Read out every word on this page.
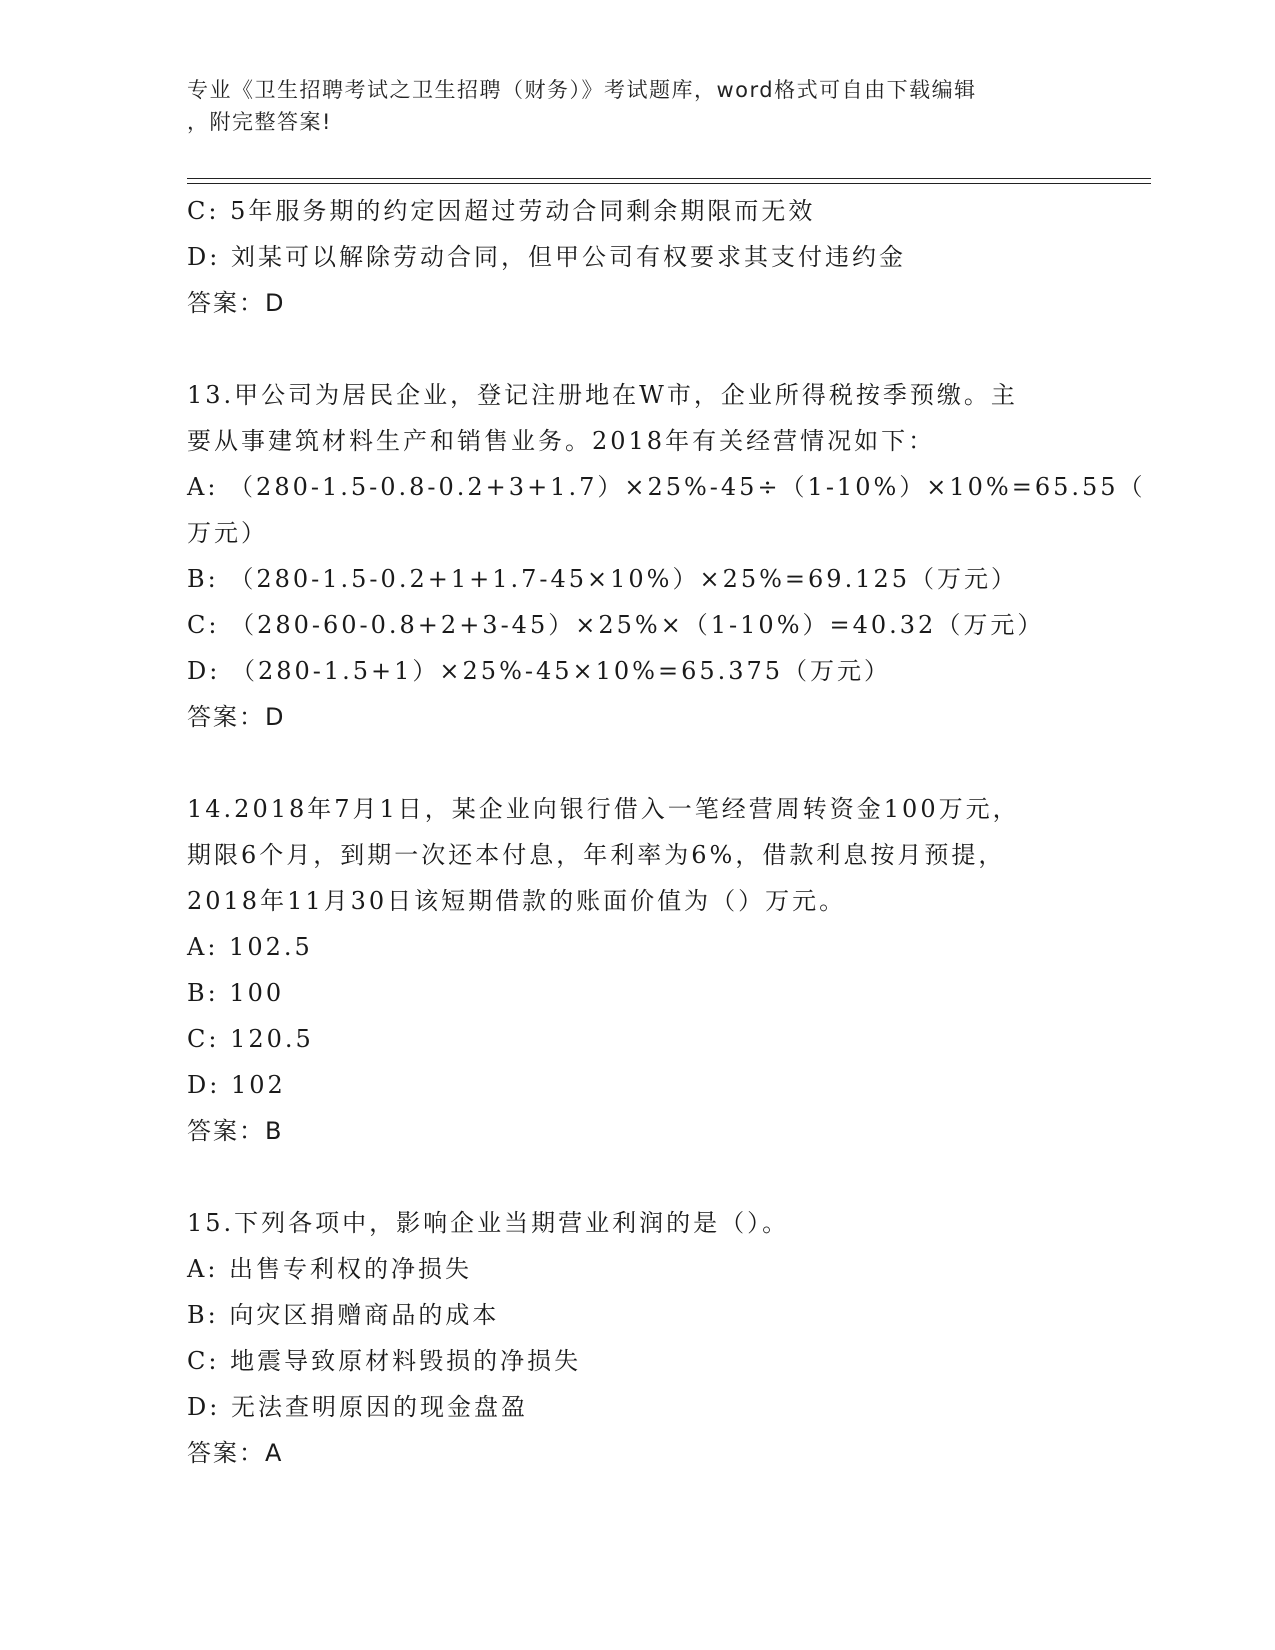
专业《卫生招聘考试之卫生招聘（财务）》考试题库，word格式可自由下载编辑
，附完整答案!
C: 5年服务期的约定因超过劳动合同剩余期限而无效
D: 刘某可以解除劳动合同，但甲公司有权要求其支付违约金
答案：D
13.甲公司为居民企业，登记注册地在W市，企业所得税按季预缴。主
要从事建筑材料生产和销售业务。2018年有关经营情况如下：
A: （280-1.5-0.8-0.2+3+1.7）×25%-45÷（1-10%）×10%=65.55（
万元）
B: （280-1.5-0.2+1+1.7-45×10%）×25%=69.125（万元）
C: （280-60-0.8+2+3-45）×25%×（1-10%）=40.32（万元）
D: （280-1.5+1）×25%-45×10%=65.375（万元）
答案：D
14.2018年7月1日，某企业向银行借入一笔经营周转资金100万元，
期限6个月，到期一次还本付息，年利率为6%，借款利息按月预提，
2018年11月30日该短期借款的账面价值为（）万元。
A: 102.5
B: 100
C: 120.5
D: 102
答案：B
15.下列各项中，影响企业当期营业利润的是（）。
A: 出售专利权的净损失
B: 向灾区捐赠商品的成本
C: 地震导致原材料毁损的净损失
D: 无法查明原因的现金盘盈
答案：A
